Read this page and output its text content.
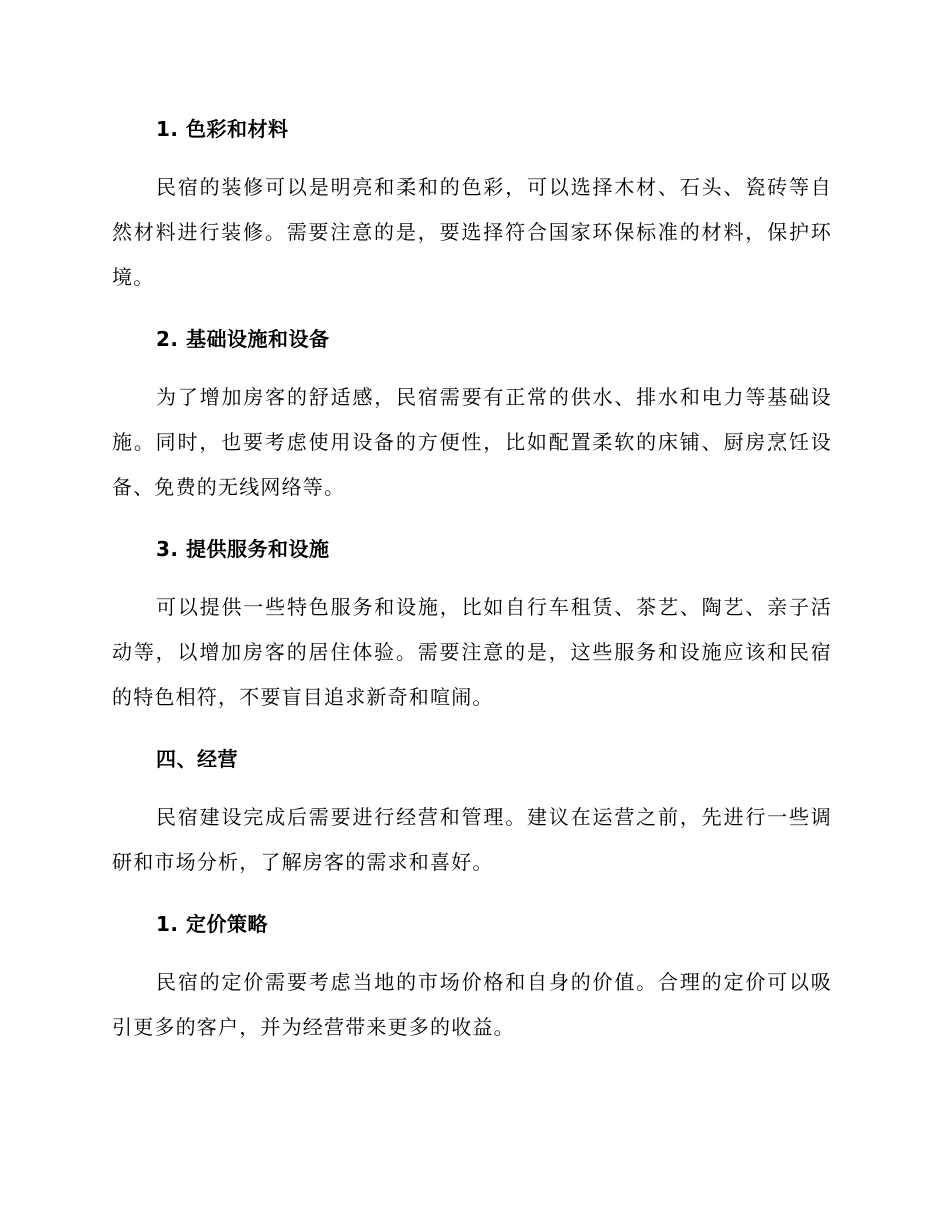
1. 色彩和材料

民宿的装修可以是明亮和柔和的色彩，可以选择木材、石头、瓷砖等自然材料进行装修。需要注意的是，要选择符合国家环保标准的材料，保护环境。

2. 基础设施和设备

为了增加房客的舒适感，民宿需要有正常的供水、排水和电力等基础设施。同时，也要考虑使用设备的方便性，比如配置柔软的床铺、厨房烹饪设备、免费的无线网络等。

3. 提供服务和设施

可以提供一些特色服务和设施，比如自行车租赁、茶艺、陶艺、亲子活动等，以增加房客的居住体验。需要注意的是，这些服务和设施应该和民宿的特色相符，不要盲目追求新奇和喧闹。

四、经营

民宿建设完成后需要进行经营和管理。建议在运营之前，先进行一些调研和市场分析，了解房客的需求和喜好。

1. 定价策略

民宿的定价需要考虑当地的市场价格和自身的价值。合理的定价可以吸引更多的客户，并为经营带来更多的收益。
